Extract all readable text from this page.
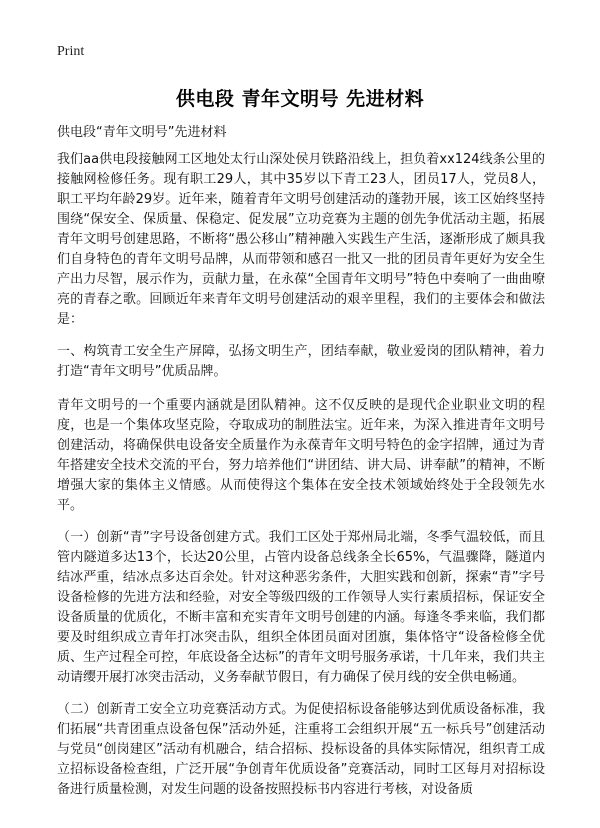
Print
供电段 青年文明号 先进材料
供电段“青年文明号”先进材料

我们aa供电段接触网工区地处太行山深处侯月铁路沿线上，担负着xx124线条公里的接触网检修任务。现有职工29人，其中35岁以下青工23人，团员17人，党员8人，职工平均年龄29岁。近年来，随着青年文明号创建活动的蓬勃开展，该工区始终坚持围绕“保安全、保质量、保稳定、促发展”立功竞赛为主题的创先争优活动主题，拓展青年文明号创建思路，不断将“愚公移山”精神融入实践生产生活，逐渐形成了颇具我们自身特色的青年文明号品牌，从而带领和感召一批又一批的团员青年更好为安全生产出力尽智，展示作为，贡献力量，在永葆“全国青年文明号”特色中奏响了一曲曲嘹亮的青春之歌。回顾近年来青年文明号创建活动的艰辛里程，我们的主要体会和做法是：

一、构筑青工安全生产屏障，弘扬文明生产，团结奉献，敬业爱岗的团队精神，着力打造“青年文明号”优质品牌。

青年文明号的一个重要内涵就是团队精神。这不仅反映的是现代企业职业文明的程度，也是一个集体攻坚克险，夺取成功的制胜法宝。近年来，为深入推进青年文明号创建活动，将确保供电设备安全质量作为永葆青年文明号特色的金字招牌，通过为青年搭建安全技术交流的平台，努力培养他们“讲团结、讲大局、讲奉献”的精神，不断增强大家的集体主义情感。从而使得这个集体在安全技术领域始终处于全段领先水平。

（一）创新“青”字号设备创建方式。我们工区处于郑州局北端，冬季气温较低，而且管内隧道多达13个，长达20公里，占管内设备总线条全长65%，气温骤降，隧道内结冰严重，结冰点多达百余处。针对这种恶劣条件，大胆实践和创新，探索“青”字号设备检修的先进方法和经验，对安全等级四级的工作领导人实行素质招标，保证安全设备质量的优质化，不断丰富和充实青年文明号创建的内涵。每逢冬季来临，我们都要及时组织成立青年打冰突击队，组织全体团员面对团旗，集体恪守“设备检修全优质、生产过程全可控，年底设备全达标”的青年文明号服务承诺，十几年来，我们共主动请缨开展打冰突击活动，义务奉献节假日，有力确保了侯月线的安全供电畅通。

（二）创新青工安全立功竞赛活动方式。为促使招标设备能够达到优质设备标准，我们拓展“共青团重点设备包保”活动外延，注重将工会组织开展“五一标兵号”创建活动与党员“创岗建区”活动有机融合，结合招标、投标设备的具体实际情况，组织青工成立招标设备检查组，广泛开展“争创青年优质设备”竞赛活动，同时工区每月对招标设备进行质量检测，对发生问题的设备按照投标书内容进行考核，对设备质
